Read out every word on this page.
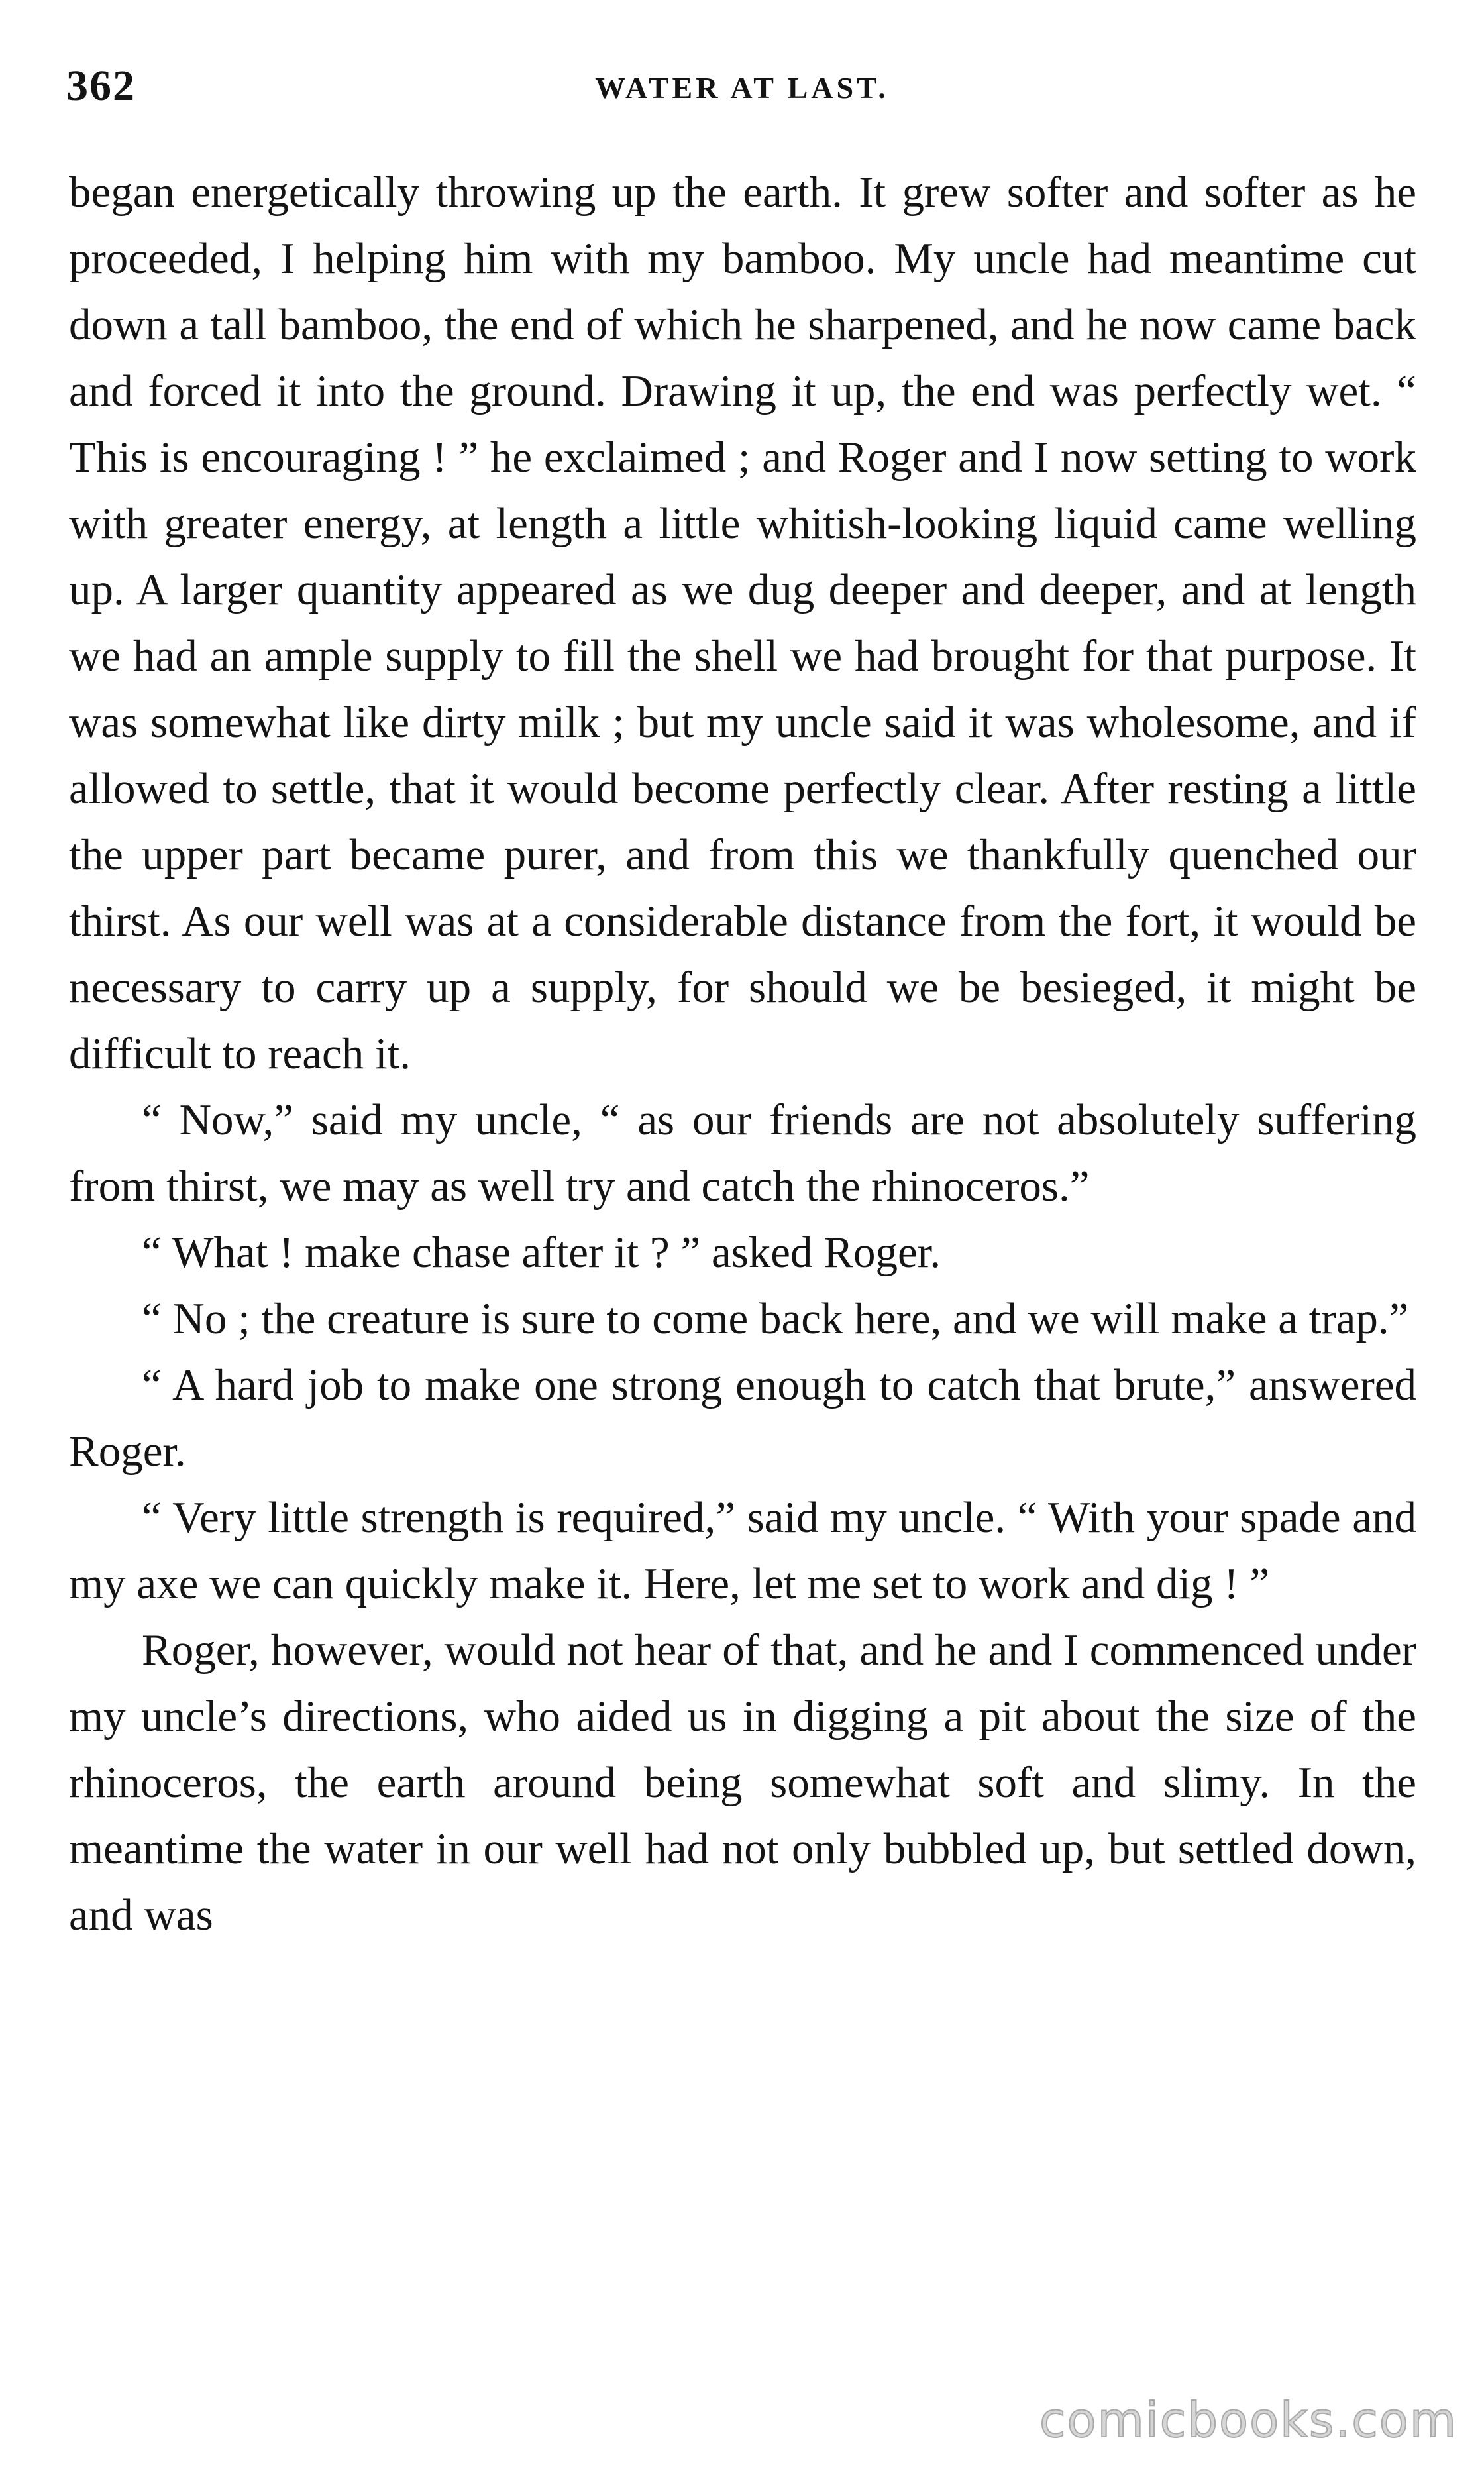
362	WATER AT LAST.

began energetically throwing up the earth. It grew softer and softer as he proceeded, I helping him with my bamboo. My uncle had meantime cut down a tall bamboo, the end of which he sharpened, and he now came back and forced it into the ground. Drawing it up, the end was perfectly wet. “ This is encouraging ! ” he exclaimed ; and Roger and I now setting to work with greater energy, at length a little whitish-looking liquid came welling up. A larger quantity appeared as we dug deeper and deeper, and at length we had an ample supply to fill the shell we had brought for that purpose. It was somewhat like dirty milk ; but my uncle said it was wholesome, and if allowed to settle, that it would become perfectly clear. After resting a little the upper part became purer, and from this we thankfully quenched our thirst. As our well was at a considerable distance from the fort, it would be necessary to carry up a supply, for should we be besieged, it might be difficult to reach it.

“ Now,” said my uncle, “ as our friends are not absolutely suffering from thirst, we may as well try and catch the rhinoceros.”

“ What ! make chase after it ? ” asked Roger.

“ No ; the creature is sure to come back here, and we will make a trap.”

“ A hard job to make one strong enough to catch that brute,” answered Roger.

“ Very little strength is required,” said my uncle. “ With your spade and my axe we can quickly make it. Here, let me set to work and dig ! ”

Roger, however, would not hear of that, and he and I commenced under my uncle’s directions, who aided us in digging a pit about the size of the rhinoceros, the earth around being somewhat soft and slimy. In the meantime the water in our well had not only bubbled up, but settled down, and was

comicbooks.com
